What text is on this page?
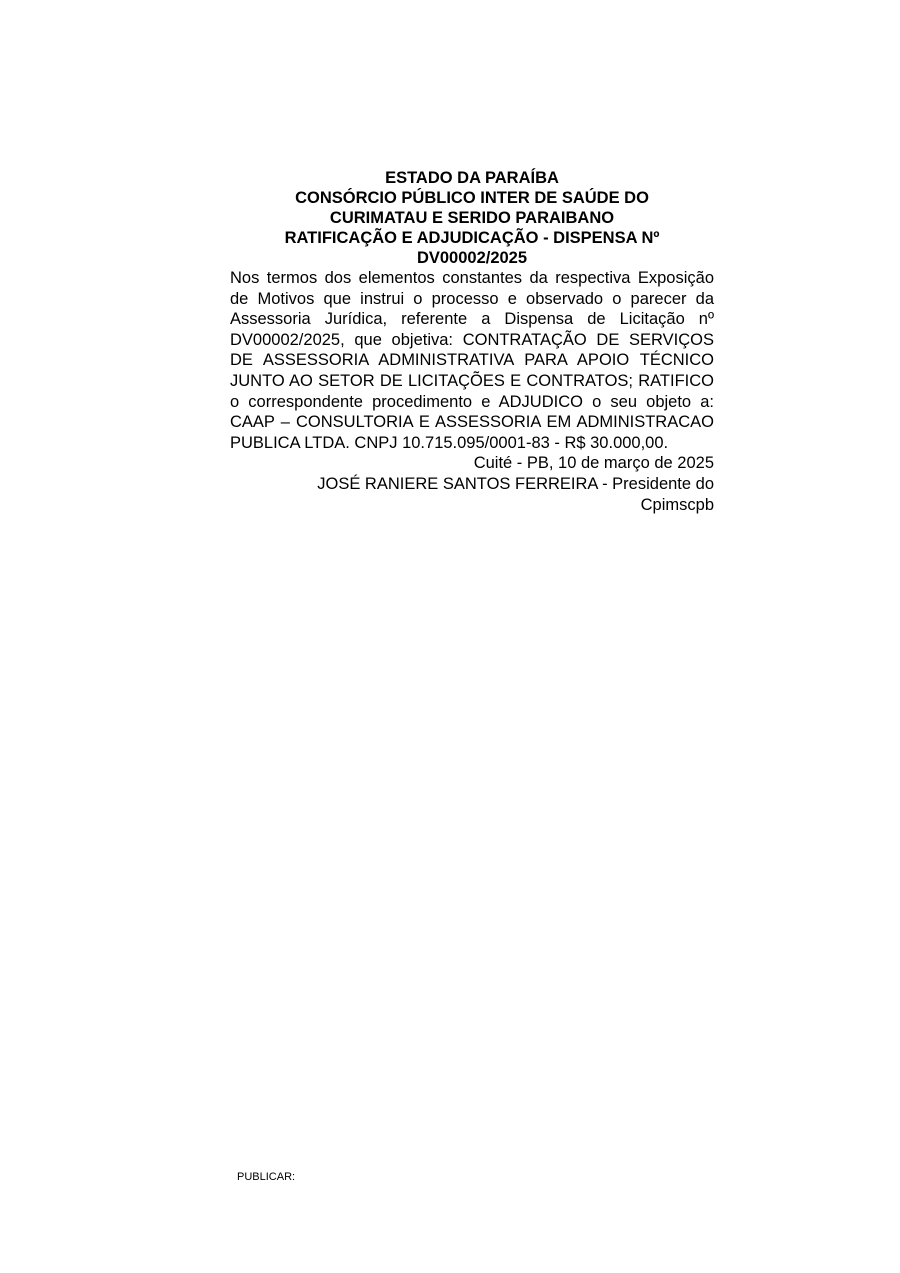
ESTADO DA PARAÍBA

CONSÓRCIO PÚBLICO INTER DE SAÚDE DO

CURIMATAU E SERIDO PARAIBANO

RATIFICAÇÃO E ADJUDICAÇÃO - DISPENSA Nº

DV00002/2025

Nos termos dos elementos constantes da respectiva Exposição de Motivos que instrui o processo e observado o parecer da Assessoria Jurídica, referente a Dispensa de Licitação nº DV00002/2025, que objetiva: CONTRATAÇÃO DE SERVIÇOS DE ASSESSORIA ADMINISTRATIVA PARA APOIO TÉCNICO JUNTO AO SETOR DE LICITAÇÕES E CONTRATOS; RATIFICO o correspondente procedimento e ADJUDICO o seu objeto a: CAAP – CONSULTORIA E ASSESSORIA EM ADMINISTRACAO PUBLICA LTDA. CNPJ 10.715.095/0001-83 - R$ 30.000,00.

Cuité - PB, 10 de março de 2025

JOSÉ RANIERE SANTOS FERREIRA - Presidente do

Cpimscpb

PUBLICAR:
